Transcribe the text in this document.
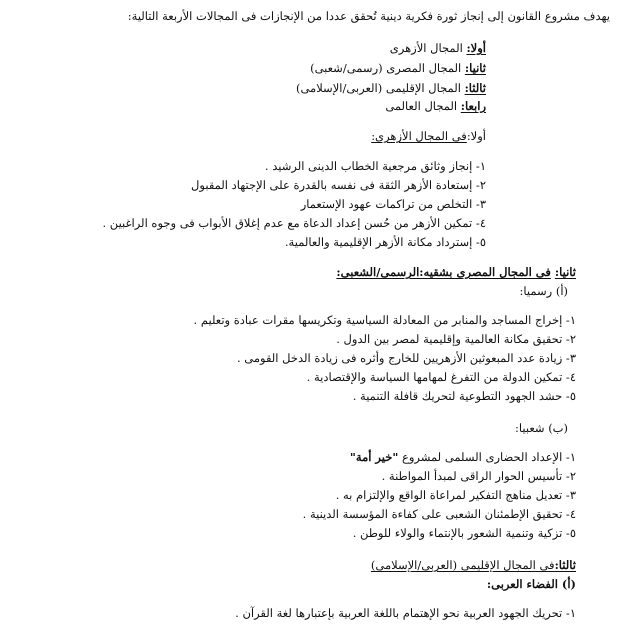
يهدف مشروع القانون إلى إنجاز ثورة فكرية دينية تُحقق عددا من الإنجازات فى المجالات الأربعة التالية:
أولا: المجال الأزهرى
ثانيا: المجال المصرى (رسمى/شعبى)
ثالثا: المجال الإقليمى (العربى/الإسلامى)
رابعا: المجال العالمى
أولا:فى المجال الأزهرى:
١- إنجاز وثائق مرجعية الخطاب الدينى الرشيد .
٢- إستعادة الأزهر الثقة فى نفسه بالقدرة على الإجتهاد المقبول
٣- التخلص من تراكمات عهود الإستعمار
٤- تمكين الأزهر من حُسن إعداد الدعاة مع عدم إغلاق الأبواب فى وجوه الراغبين .
٥- إسترداد مكانة الأزهر الإقليمية والعالمية.
ثانيا: فى المجال المصرى بشقيه:الرسمى/الشعبى:
(أ) رسميا:
١- إخراج المساجد والمنابر من المعادلة السياسية وتكريسها مقرات عبادة وتعليم .
٢- تحقيق مكانة العالمية وإقليمية لمصر بين الدول .
٣- زيادة عدد المبعوثين الأزهريين للخارج وأثره فى زيادة الدخل القومى .
٤- تمكين الدولة من التفرغ لمهامها السياسة والإقتصادية .
٥- حشد الجهود التطوعية لتحريك قافلة التنمية .
(ب) شعبيا:
١- الإعداد الحضارى السلمى لمشروع "خير أمة"
٢- تأسيس الحوار الراقى لمبدأ المواطنة .
٣- تعديل مناهج التفكير لمراعاة الواقع والإلتزام به .
٤- تحقيق الإطمئنان الشعبى على كفاءة المؤسسة الدينية .
٥- تزكية وتنمية الشعور بالإنتماء والولاء للوطن .
ثالثا:فى المجال الإقليمى (العربى/الإسلامى)
(أ) الفضاء العربى:
١- تحريك الجهود العربية نحو الإهتمام باللغة العربية بإعتبارها لغة القرآن .
